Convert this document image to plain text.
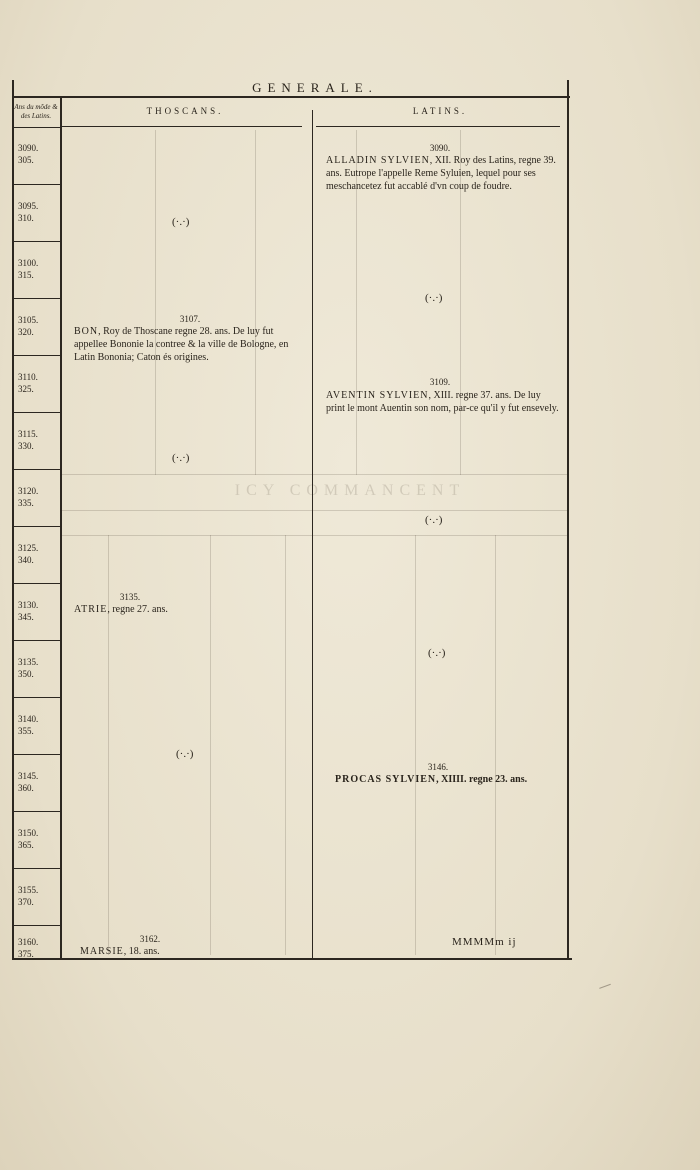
GENERALE.
Ans du mõde & des Latins.	THOSCANS.	LATINS.
3090.
305.
3095.
310.
3100.
315.
3105.
320.
3110.
325.
3115.
330.
3120.
335.
3125.
340.
3130.
345.
3135.
350.
3140.
355.
3145.
360.
3150.
365.
3155.
370.
3160.
375.
ICY COMMANCENT
3090.
ALLADIN SYLVIEN, XII. Roy des Latins, regne 39. ans. Eutrope l'appelle Reme Syluien, lequel pour ses meschancetez fut accablé d'vn coup de foudre.
3109.
AVENTIN SYLVIEN, XIII. regne 37. ans. De luy print le mont Auentin son nom, par-ce qu'il y fut ensevely.
3146.
PROCAS SYLVIEN, XIIII. regne 23. ans.
3107.
BON, Roy de Thoscane regne 28. ans. De luy fut appellee Bononie la contree & la ville de Bologne, en Latin Bononia; Caton és origines.
3135.
ATRIE, regne 27. ans.
3162.
MARSIE, 18. ans.
(·.·)
(·.·)
(·.·)
(·.·)
(·.·)
(·.·)
MMMMm ij
